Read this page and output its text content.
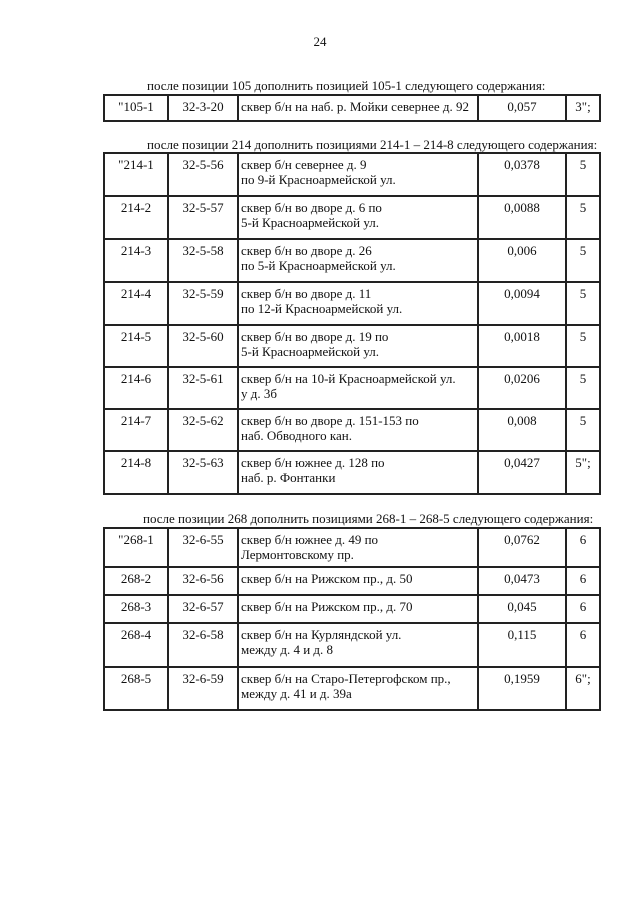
24
после позиции 105 дополнить позицией 105-1 следующего содержания:
"105-1	32-3-20	сквер б/н на наб. р. Мойки севернее д. 92	0,057	3";
после позиции 214 дополнить позициями 214-1 – 214-8 следующего содержания:
"214-1	32-5-56	сквер б/н севернее д. 9
по 9-й Красноармейской ул.	0,0378	5
214-2	32-5-57	сквер б/н во дворе д. 6 по
5-й Красноармейской ул.	0,0088	5
214-3	32-5-58	сквер б/н во дворе д. 26
по 5-й Красноармейской ул.	0,006	5
214-4	32-5-59	сквер б/н во дворе д. 11
по 12-й Красноармейской ул.	0,0094	5
214-5	32-5-60	сквер б/н во дворе д. 19 по
5-й Красноармейской ул.	0,0018	5
214-6	32-5-61	сквер б/н на 10-й Красноармейской ул.
у д. 3б	0,0206	5
214-7	32-5-62	сквер б/н во дворе д. 151-153 по
наб. Обводного кан.	0,008	5
214-8	32-5-63	сквер б/н южнее д. 128 по
наб. р. Фонтанки	0,0427	5";
после позиции 268 дополнить позициями 268-1 – 268-5 следующего содержания:
"268-1	32-6-55	сквер б/н южнее д. 49 по
Лермонтовскому пр.	0,0762	6
268-2	32-6-56	сквер б/н на Рижском пр., д. 50	0,0473	6
268-3	32-6-57	сквер б/н на Рижском пр., д. 70	0,045	6
268-4	32-6-58	сквер б/н на Курляндской ул.
между д. 4 и д. 8	0,115	6
268-5	32-6-59	сквер б/н на Старо-Петергофском пр.,
между д. 41 и д. 39а	0,1959	6";
